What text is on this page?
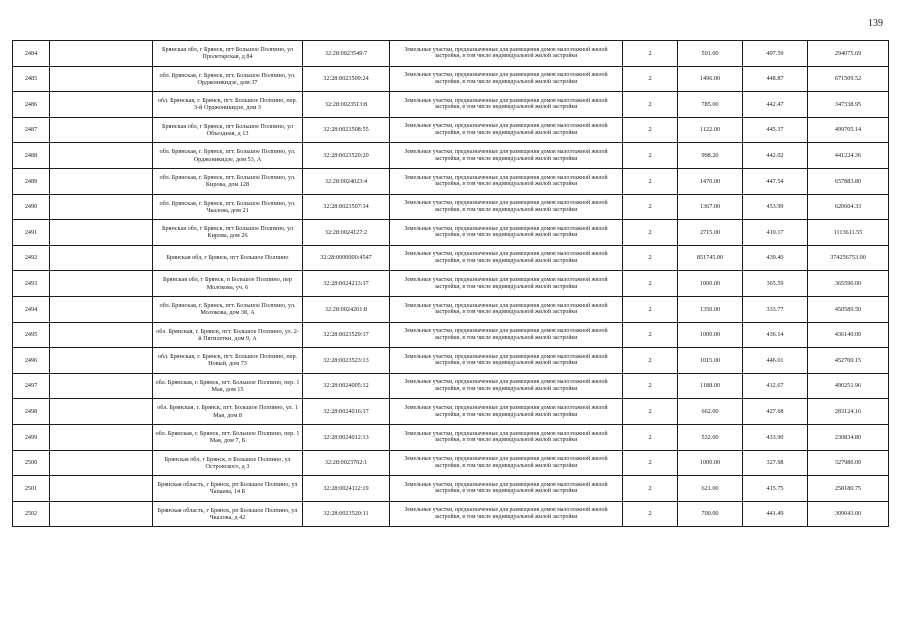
139
2484		Брянская обл, г Брянск, пгт Большое Полпино, ул Пролетарская, д 84	32:28:0023549:7	Земельные участки, предназначенные для размещения домов малоэтажной жилой застройки, в том числе индивидуальной жилой застройки	2	591.00	497.59	294075.69
2485		обл. Брянская, г. Брянск, пгт. Большое Полпино, ул. Орджоникидзе, дом 37	32:28:0023509:24	Земельные участки, предназначенные для размещения домов малоэтажной жилой застройки, в том числе индивидуальной жилой застройки	2	1496.00	448.87	671509.52
2486		обл. Брянская, г. Брянск, пгт. Большое Полпино, пер. 3-й Орджоникидзе, дом 3	32:28:0023513:8	Земельные участки, предназначенные для размещения домов малоэтажной жилой застройки, в том числе индивидуальной жилой застройки	2	785.00	442.47	347338.95
2487		Брянская обл, г Брянск, пгт Большое Полпино, ул Объездная, д 13	32:28:0023508:55	Земельные участки, предназначенные для размещения домов малоэтажной жилой застройки, в том числе индивидуальной жилой застройки	2	1122.00	445.37	499705.14
2488		обл. Брянская, г. Брянск, пгт. Большое Полпино, ул. Орджоникидзе, дом 53, А	32:28:0023520:20	Земельные участки, предназначенные для размещения домов малоэтажной жилой застройки, в том числе индивидуальной жилой застройки	2	998.20	442.02	441224.36
2489		обл. Брянская, г. Брянск, пгт. Большое Полпино, ул. Кирова, дом 128	32:28:0024023:4	Земельные участки, предназначенные для размещения домов малоэтажной жилой застройки, в том числе индивидуальной жилой застройки	2	1470.00	447.54	657883.80
2490		обл. Брянская, г. Брянск, пгт. Большое Полпино, ул. Чкалова, дом 21	32:28:0023507:14	Земельные участки, предназначенные для размещения домов малоэтажной жилой застройки, в том числе индивидуальной жилой застройки	2	1367.00	453.99	620604.33
2491		Брянская обл, г Брянск, пгт Большое Полпино, ул Кирова, дом 26	32:28:0024127:2	Земельные участки, предназначенные для размещения домов малоэтажной жилой застройки, в том числе индивидуальной жилой застройки	2	2715.00	410.17	1113611.55
2492		Брянская обл, г Брянск, пгт Большое Полпино	32:28:0000000:4547	Земельные участки, предназначенные для размещения домов малоэтажной жилой застройки, в том числе индивидуальной жилой застройки	2	851745.00	439.40	374256753.00
2493		Брянская обл, г Брянск, п Большое Полпино, пер Молокова, уч. 6	32:28:0024213:17	Земельные участки, предназначенные для размещения домов малоэтажной жилой застройки, в том числе индивидуальной жилой застройки	2	1000.00	365.59	365590.00
2494		обл. Брянская, г. Брянск, пгт. Большое Полпино, ул. Молокова, дом 38, А	32:28:0024201:8	Земельные участки, предназначенные для размещения домов малоэтажной жилой застройки, в том числе индивидуальной жилой застройки	2	1350.00	333.77	450589.50
2495		обл. Брянская, г. Брянск, пгт. Большое Полпино, ул. 2-й Пятилетки, дом 9, А	32:28:0023529:17	Земельные участки, предназначенные для размещения домов малоэтажной жилой застройки, в том числе индивидуальной жилой застройки	2	1000.00	436.14	436140.00
2496		обл. Брянская, г. Брянск, пгт. Большое Полпино, пер. Новый, дом 73	32:28:0023523:13	Земельные участки, предназначенные для размещения домов малоэтажной жилой застройки, в том числе индивидуальной жилой застройки	2	1015.00	446.01	452700.15
2497		обл. Брянская, г. Брянск, пгт. Большое Полпино, пер. 1 Мая, дом 15	32:28:0024005:12	Земельные участки, предназначенные для размещения домов малоэтажной жилой застройки, в том числе индивидуальной жилой застройки	2	1188.00	412.67	490251.96
2498		обл. Брянская, г. Брянск, пгт. Большое Полпино, ул. 1 Мая, дом 8	32:28:0024016:17	Земельные участки, предназначенные для размещения домов малоэтажной жилой застройки, в том числе индивидуальной жилой застройки	2	662.00	427.68	283124.16
2499		обл. Брянская, г. Брянск, пгт. Большое Полпино, пер. 1 Мая, дом 7, Б	32:28:0024012:13	Земельные участки, предназначенные для размещения домов малоэтажной жилой застройки, в том числе индивидуальной жилой застройки	2	532.00	433.90	230834.80
2500		Брянская обл, г Брянск, п Большое Полпино, ул Островского, д 3	32:28:0023702:1	Земельные участки, предназначенные для размещения домов малоэтажной жилой застройки, в том числе индивидуальной жилой застройки	2	1000.00	327.98	327980.00
2501		Брянская область, г Брянск, рп Большое Полпино, ул Чапаева, 14 Б	32:28:0024112:19	Земельные участки, предназначенные для размещения домов малоэтажной жилой застройки, в том числе индивидуальной жилой застройки	2	621.00	415.75	258180.75
2502		Брянская область, г Брянск, рп Большое Полпино, ул Чкалова, д 42	32:28:0023520:11	Земельные участки, предназначенные для размещения домов малоэтажной жилой застройки, в том числе индивидуальной жилой застройки	2	700.00	441.49	309043.00
